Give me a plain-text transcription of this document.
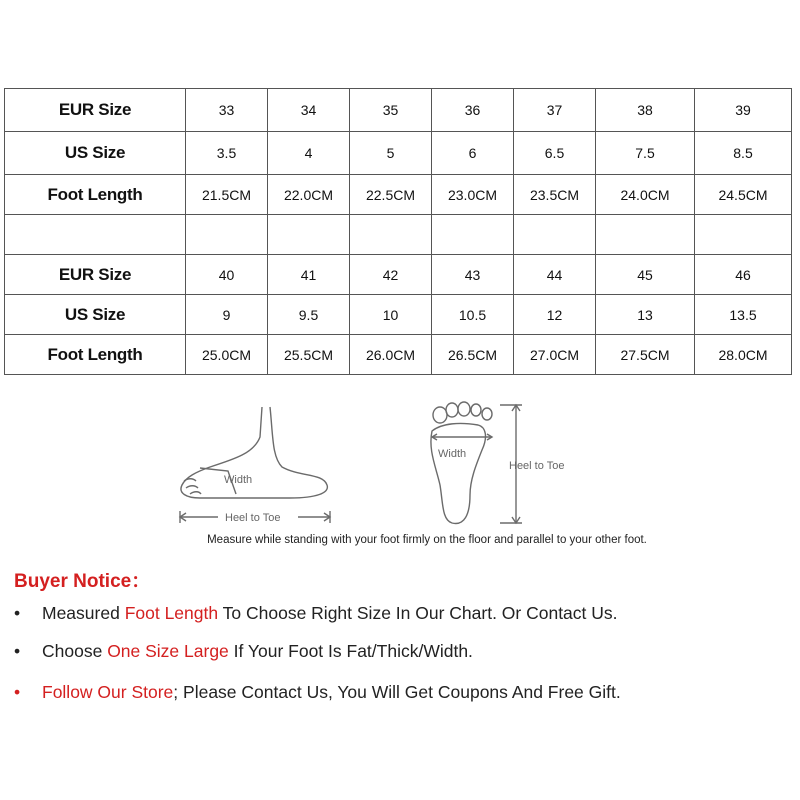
EUR Size	33	34	35	36	37	38	39
US Size	3.5	4	5	6	6.5	7.5	8.5
Foot Length	21.5CM	22.0CM	22.5CM	23.0CM	23.5CM	24.0CM	24.5CM

EUR Size	40	41	42	43	44	45	46
US Size	9	9.5	10	10.5	12	13	13.5
Foot Length	25.0CM	25.5CM	26.0CM	26.5CM	27.0CM	27.5CM	28.0CM
Width
Heel to Toe
Width
Heel to Toe
Measure while standing with your foot firmly on the floor and parallel to your other foot.
Buyer Notice：
• Measured Foot Length To Choose Right Size In Our Chart. Or Contact Us.
• Choose One Size Large If Your Foot Is Fat/Thick/Width.
• Follow Our Store; Please Contact Us, You Will Get Coupons And Free Gift.
